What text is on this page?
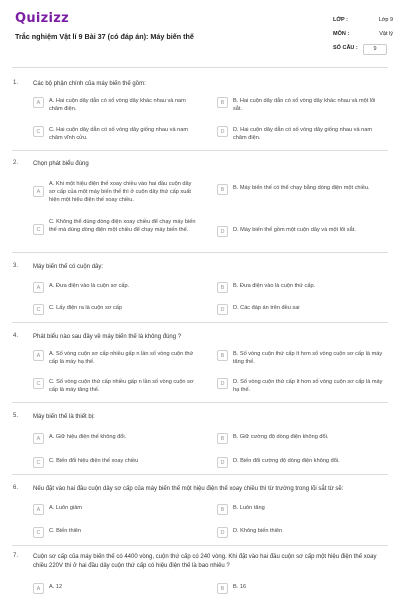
Quizizz
Trắc nghiệm Vật lí 9 Bài 37 (có đáp án): Máy biến thế
LỚP :	Lớp 9
MÔN :	Vật lý
SỐ CÂU :	9
1. Các bộ phận chính của máy biến thế gồm:
A	A. Hai cuộn dây dẫn có số vòng dây khác nhau và nam châm điện.
B	B. Hai cuộn dây dẫn có số vòng dây khác nhau và một lõi sắt.
C	C. Hai cuộn dây dẫn có số vòng dây giống nhau và nam châm vĩnh cửu.
D	D. Hai cuộn dây dẫn có số vòng dây giống nhau và nam châm điện.
2. Chọn phát biểu đúng
A
A. Khi một hiệu điện thế xoay chiều vào hai đầu cuộn dây sơ cấp của một máy biến thế thì ở cuộn dây thứ cấp xuất hiện một hiệu điện thế xoay chiều.
B	B. Máy biến thế có thể chạy bằng dòng điện một chiều.
C
C. Không thể dùng dòng điện xoay chiều để chạy máy biến thế mà dùng dòng điện một chiều để chạy máy biến thế.	D	D. Máy biến thế gồm một cuộn dây và một lõi sắt.
3. Máy biến thế có cuộn dây:
A	A. Đưa điện vào là cuộn sơ cấp.	B	B. Đưa điện vào là cuộn thứ cấp.
C	C. Lấy điện ra là cuộn sơ cấp	D	D. Các đáp án trên đều sai
4. Phát biểu nào sau đây về máy biến thế là không đúng ?
A	A. Số vòng cuộn sơ cấp nhiều gấp n lần số vòng cuộn thứ cấp là máy hạ thế.
B	B. Số vòng cuộn thứ cấp ít hơn số vòng cuộn sơ cấp là máy tăng thế.
C	C. Số vòng cuộn thứ cấp nhiều gấp n lần số vòng cuộn sơ cấp là máy tăng thế.
D	D. Số vòng cuộn thứ cấp ít hơn số vòng cuộn sơ cấp là máy hạ thế.
5. Máy biến thế là thiết bị:
A	A. Giữ hiệu điện thế không đổi.	B	B. Giữ cường độ dòng điện không đổi.
C	C. Biến đổi hiệu điện thế xoay chiều	D	D. Biến đổi cường độ dòng điện không đổi.
6. Nếu đặt vào hai đầu cuộn dây sơ cấp của máy biến thế một hiệu điện thế xoay chiều thì từ trường trong lõi sắt từ sẽ:
A	A. Luôn giảm	B	B. Luôn tăng
C	C. Biến thiên	D	D. Không biến thiên
7. Cuộn sơ cấp của máy biến thế có 4400 vòng, cuộn thứ cấp có 240 vòng. Khi đặt vào hai đầu cuộn sơ cấp một hiệu điện thế xoay chiều 220V thì ở hai đầu dây cuộn thứ cấp có hiệu điện thế là bao nhiêu ?
A	A. 12	B	B. 16
